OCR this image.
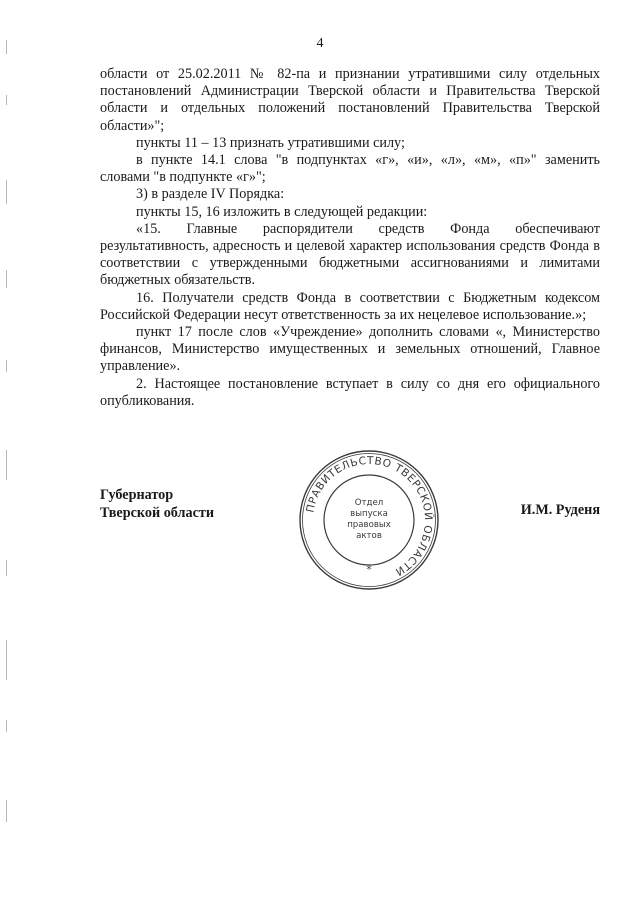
4

области от 25.02.2011 № 82-па и признании утратившими силу отдельных постановлений Администрации Тверской области и Правительства Тверской области и отдельных положений постановлений Правительства Тверской области»";

пункты 11 – 13 признать утратившими силу;

в пункте 14.1 слова "в подпунктах «г», «и», «л», «м», «п»" заменить словами "в подпункте «г»";

3) в разделе IV Порядка:

пункты 15, 16 изложить в следующей редакции:

«15. Главные распорядители средств Фонда обеспечивают результативность, адресность и целевой характер использования средств Фонда в соответствии с утвержденными бюджетными ассигнованиями и лимитами бюджетных обязательств.

16. Получатели средств Фонда в соответствии с Бюджетным кодексом Российской Федерации несут ответственность за их нецелевое использование.»;

пункт 17 после слов «Учреждение» дополнить словами «, Министерство финансов, Министерство имущественных и земельных отношений, Главное управление».

2. Настоящее постановление вступает в силу со дня его официального опубликования.

Губернатор
Тверской области	И.М. Руденя
ПРАВИТЕЛЬСТВО ТВЕРСКОЙ ОБЛАСТИ
Отдел
выпуска
правовых
актов
*
